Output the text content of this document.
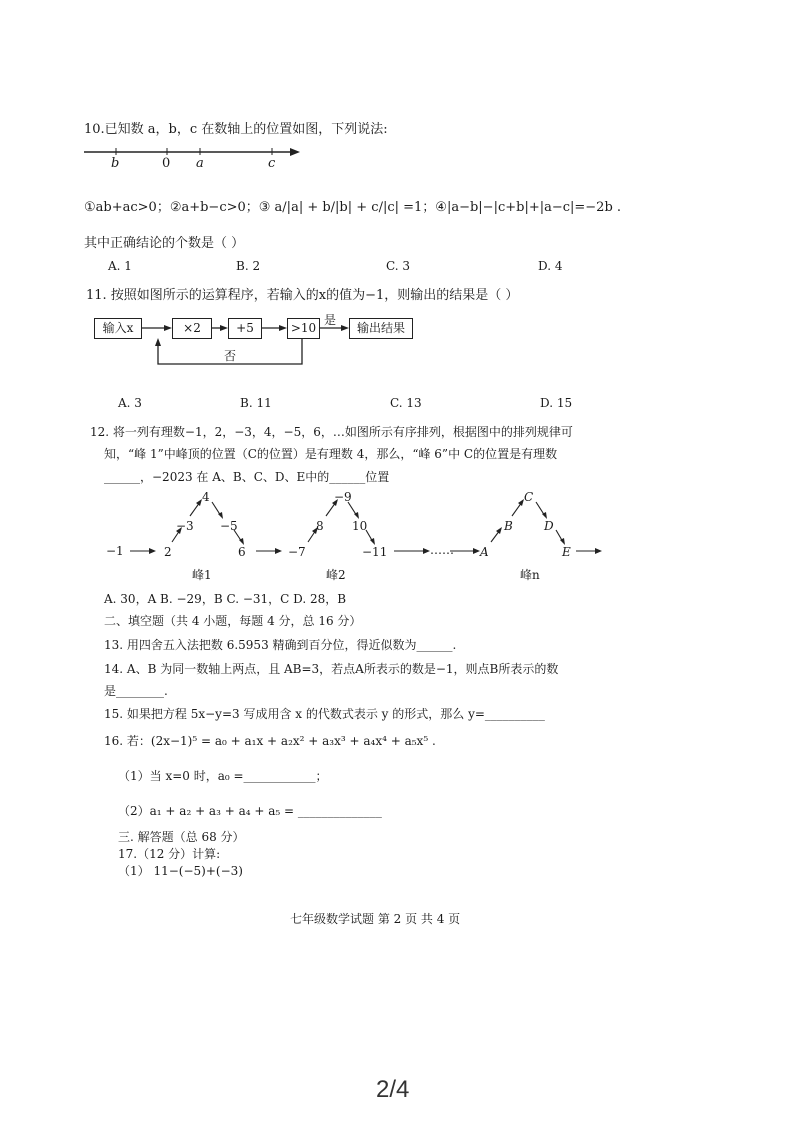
10.已知数 a，b，c 在数轴上的位置如图，下列说法:
b	0 a	c
①ab+ac>0；②a+b−c>0；③ a/|a| + b/|b| + c/|c| =1；④|a−b|−|c+b|+|a−c|=−2b .
其中正确结论的个数是（ ）
A. 1	B. 2	C. 3	D. 4
11. 按照如图所示的运算程序，若输入的x的值为−1，则输出的结果是（ ）
输入x	×2	+5	>10	输出结果
是
否
A. 3	B. 11	C. 13	D. 15
12. 将一列有理数−1，2，−3，4，−5，6，…如图所示有序排列，根据图中的排列规律可
知，“峰 1”中峰顶的位置（C的位置）是有理数 4，那么，“峰 6”中 C的位置是有理数
______，−2023 在 A、B、C、D、E中的______位置
−1	2
−3
4
−5
6
峰1
−7
8
−9
10
−11
峰2
…… A
B
C
D
E
峰n
A. 30，A B. −29，B C. −31，C D. 28，B
二、填空题（共 4 小题，每题 4 分，总 16 分）
13. 用四舍五入法把数 6.5953 精确到百分位，得近似数为______.
14. A、B 为同一数轴上两点，且 AB=3，若点A所表示的数是−1，则点B所表示的数
是________.
15. 如果把方程 5x−y=3 写成用含 x 的代数式表示 y 的形式，那么 y=__________
16. 若：(2x−1)⁵ = a₀ + a₁x + a₂x² + a₃x³ + a₄x⁴ + a₅x⁵ .
（1）当 x=0 时，a₀ =____________；
（2）a₁ + a₂ + a₃ + a₄ + a₅ = ______________
三. 解答题（总 68 分）
17.（12 分）计算:
（1） 11−(−5)+(−3)
七年级数学试题 第 2 页 共 4 页
2/4
